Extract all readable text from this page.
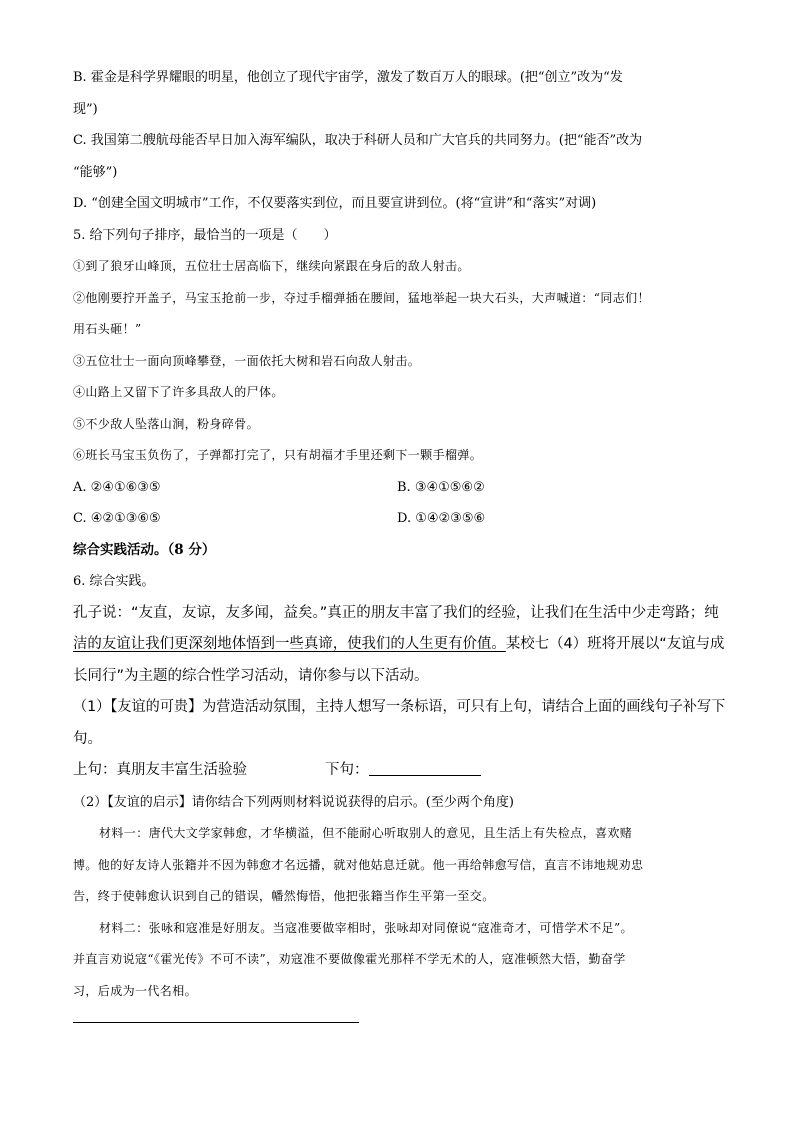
B. 霍金是科学界耀眼的明星，他创立了现代宇宙学，激发了数百万人的眼球。(把“创立”改为“发
现”)
C. 我国第二艘航母能否早日加入海军编队，取决于科研人员和广大官兵的共同努力。(把“能否”改为
“能够”)
D. “创建全国文明城市”工作，不仅要落实到位，而且要宣讲到位。(将“宣讲”和“落实”对调)
5. 给下列句子排序，最恰当的一项是（　　）
①到了狼牙山峰顶，五位壮士居高临下，继续向紧跟在身后的敌人射击。
②他刚要拧开盖子，马宝玉抢前一步，夺过手榴弹插在腰间，猛地举起一块大石头，大声喊道：“同志们！
用石头砸！”
③五位壮士一面向顶峰攀登，一面依托大树和岩石向敌人射击。
④山路上又留下了许多具敌人的尸体。
⑤不少敌人坠落山涧，粉身碎骨。
⑥班长马宝玉负伤了，子弹都打完了，只有胡福才手里还剩下一颗手榴弹。
A. ②④①⑥③⑤	B. ③④①⑤⑥②
C. ④②①③⑥⑤	D. ①④②③⑤⑥
综合实践活动。（8 分）
6. 综合实践。
孔子说：“友直，友谅，友多闻，益矣。”真正的朋友丰富了我们的经验，让我们在生活中少走弯路；纯
洁的友谊让我们更深刻地体悟到一些真谛，使我们的人生更有价值。某校七（4）班将开展以“友谊与成
长同行”为主题的综合性学习活动，请你参与以下活动。
（1）【友谊的可贵】为营造活动氛围，主持人想写一条标语，可只有上句，请结合上面的画线句子补写下
句。
上句：真朋友丰富生活验验	下句：
（2）【友谊的启示】请你结合下列两则材料说说获得的启示。(至少两个角度)
材料一：唐代大文学家韩愈，才华横溢，但不能耐心听取别人的意见，且生活上有失检点，喜欢赌
博。他的好友诗人张籍并不因为韩愈才名远播，就对他姑息迁就。他一再给韩愈写信，直言不讳地规劝忠
告，终于使韩愈认识到自己的错误，幡然悔悟，他把张籍当作生平第一至交。
材料二：张咏和寇准是好朋友。当寇准要做宰相时，张咏却对同僚说“寇准奇才，可惜学术不足”。
并直言劝说寇“《霍光传》不可不读”，劝寇准不要做像霍光那样不学无术的人，寇准顿然大悟，勤奋学
习，后成为一代名相。
